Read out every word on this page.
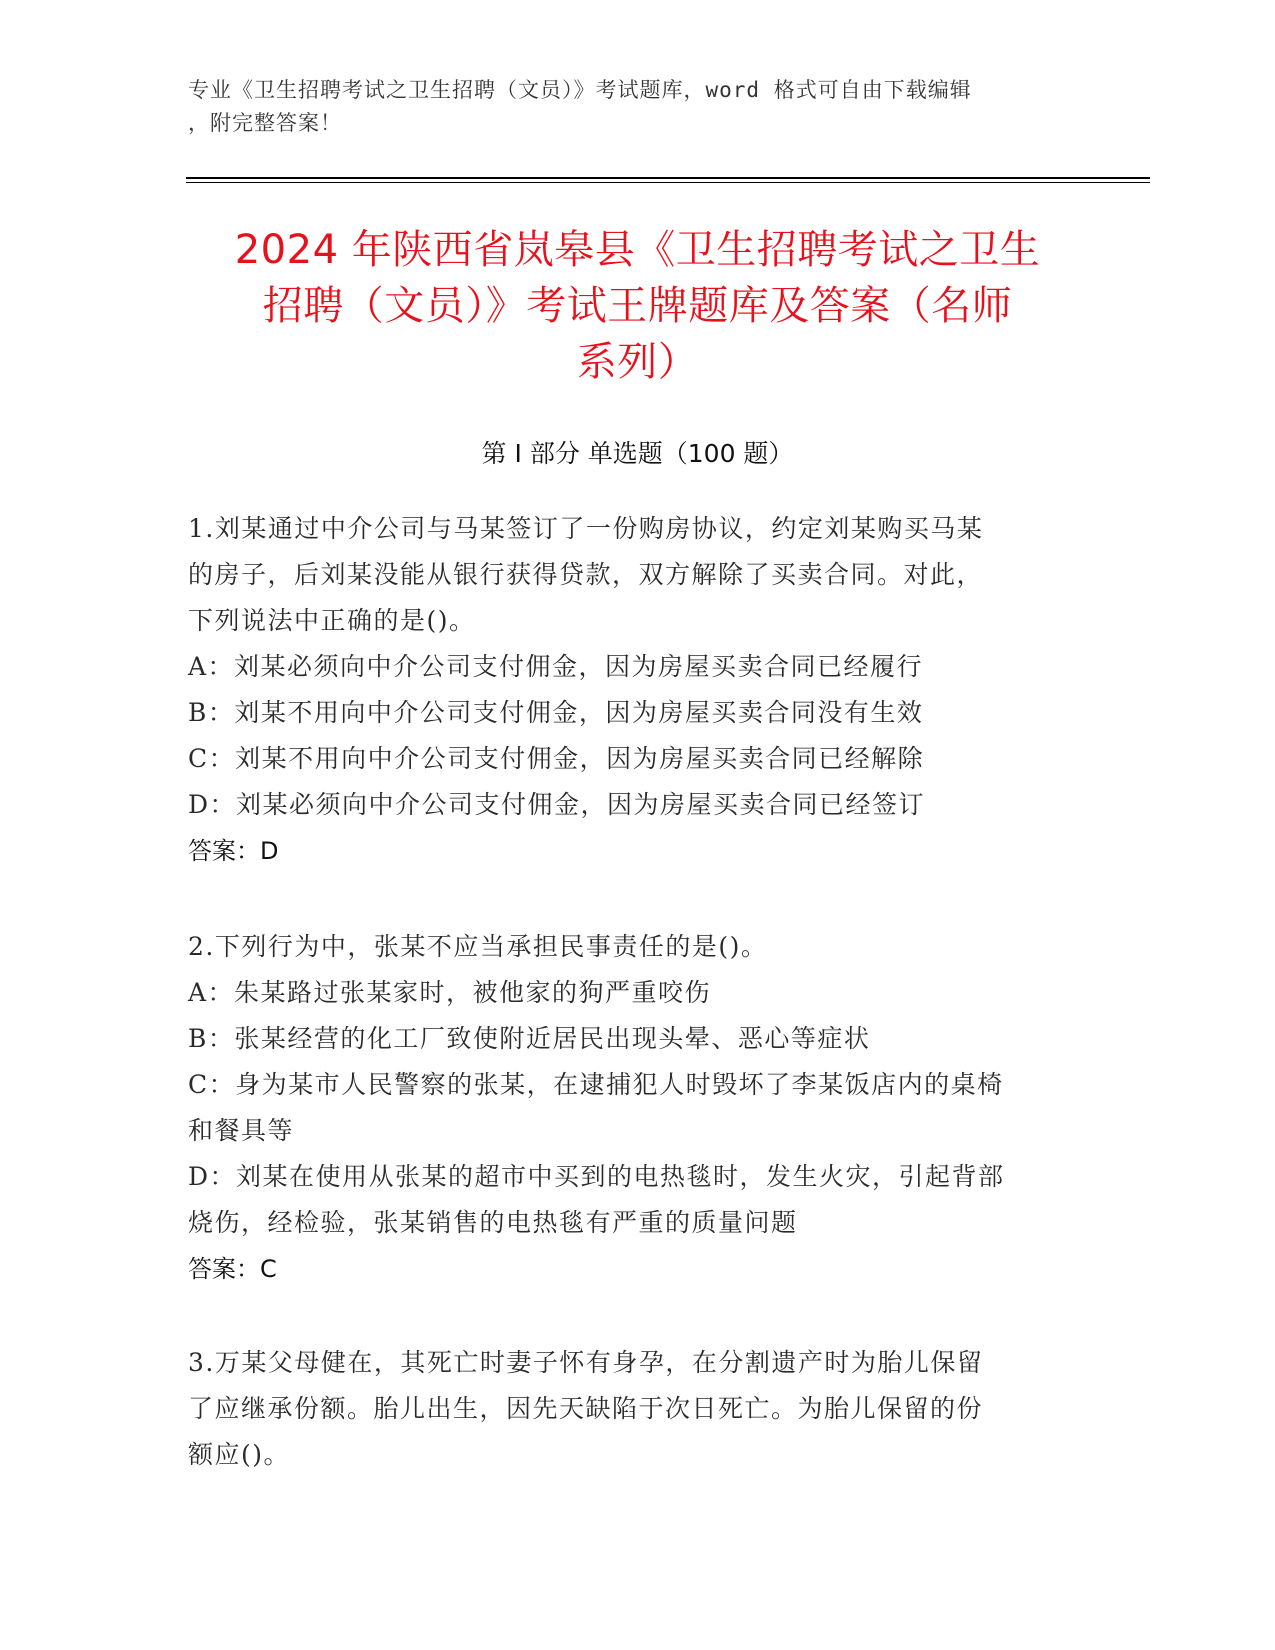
专业《卫生招聘考试之卫生招聘（文员）》考试题库，word 格式可自由下载编辑
，附完整答案！
2024 年陕西省岚皋县《卫生招聘考试之卫生
招聘（文员）》考试王牌题库及答案（名师
系列）
第 I 部分 单选题（100 题）
1.刘某通过中介公司与马某签订了一份购房协议，约定刘某购买马某
的房子，后刘某没能从银行获得贷款，双方解除了买卖合同。对此，
下列说法中正确的是()。
A：刘某必须向中介公司支付佣金，因为房屋买卖合同已经履行
B：刘某不用向中介公司支付佣金，因为房屋买卖合同没有生效
C：刘某不用向中介公司支付佣金，因为房屋买卖合同已经解除
D：刘某必须向中介公司支付佣金，因为房屋买卖合同已经签订
答案：D
2.下列行为中，张某不应当承担民事责任的是()。
A：朱某路过张某家时，被他家的狗严重咬伤
B：张某经营的化工厂致使附近居民出现头晕、恶心等症状
C：身为某市人民警察的张某，在逮捕犯人时毁坏了李某饭店内的桌椅
和餐具等
D：刘某在使用从张某的超市中买到的电热毯时，发生火灾，引起背部
烧伤，经检验，张某销售的电热毯有严重的质量问题
答案：C
3.万某父母健在，其死亡时妻子怀有身孕，在分割遗产时为胎儿保留
了应继承份额。胎儿出生，因先天缺陷于次日死亡。为胎儿保留的份
额应()。
